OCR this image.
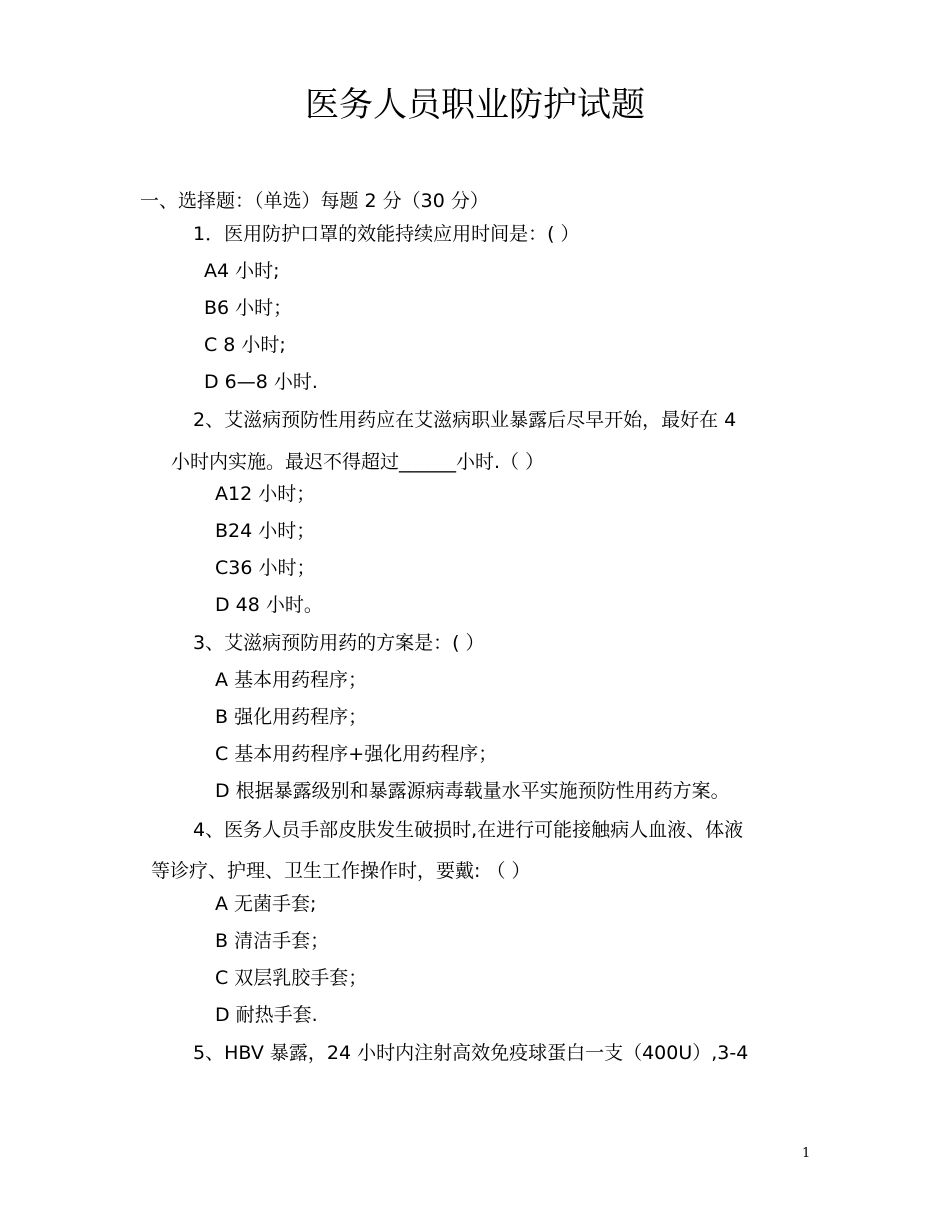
医务人员职业防护试题

一、选择题：（单选）每题 2 分（30 分）

1．医用防护口罩的效能持续应用时间是：( ）

A4 小时;

B6 小时；

C 8 小时;

D 6—8 小时.

2、艾滋病预防性用药应在艾滋病职业暴露后尽早开始，最好在 4

小时内实施。最迟不得超过______小时.（ ）

A12 小时；

B24 小时；

C36 小时；

D 48 小时。

3、艾滋病预防用药的方案是：( ）

A 基本用药程序；

B 强化用药程序；

C 基本用药程序+强化用药程序；

D 根据暴露级别和暴露源病毒载量水平实施预防性用药方案。

4、医务人员手部皮肤发生破损时,在进行可能接触病人血液、体液

等诊疗、护理、卫生工作操作时，要戴: （ ）

A 无菌手套;

B 清洁手套；

C 双层乳胶手套；

D 耐热手套.

5、HBV 暴露，24 小时内注射高效免疫球蛋白一支（400U）,3-4

1
